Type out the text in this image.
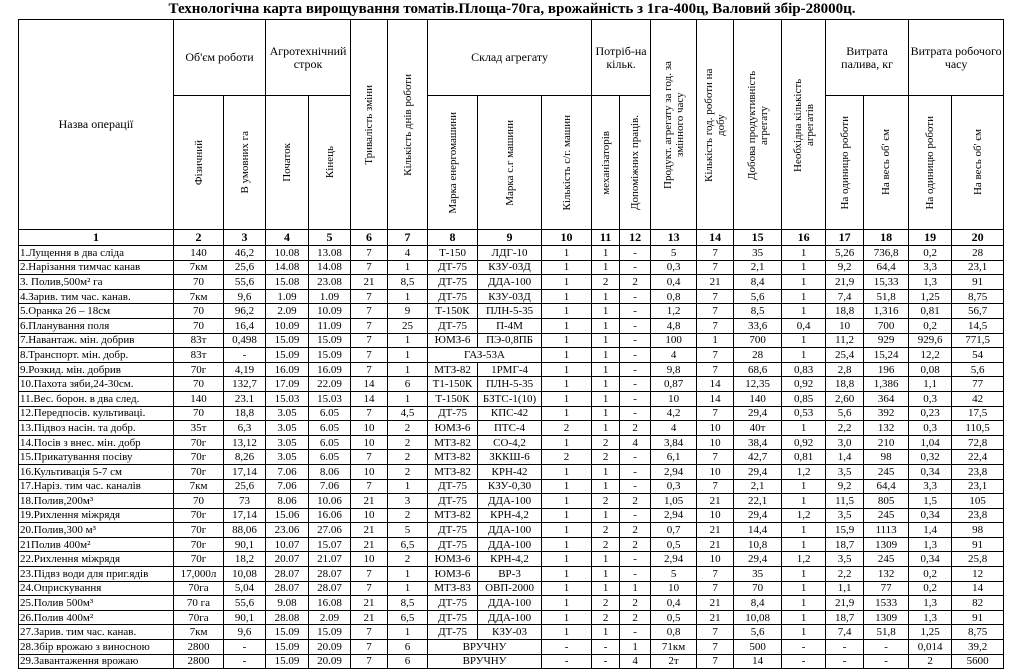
Технологічна карта вирощування томатів.Площа-70га, врожайність з 1га-400ц, Валовий збір-28000ц.
Назва операції	Об'єм роботи		Агротехнічний строк		Тривалість зміни	Кількість днів роботи	Склад агрегату			Потріб-на кільк.		Продукт. агрегату за год. за змінного часу	Кількість год. роботи на добу	Добова продуктивність агрегату	Необхідна кількість агрегатів	Витрата палива, кг		Витрата робочого часу	

	Фізичний	В умовних га	Початок	Кінець			Марка енергомашини	Марка с.г машини	Кількість с/г. машин	механізаторів	Допоміжних праців.					На одиницю роботи	На весь об' єм	На одиницю роботи	На весь об' єм

1	2	3	4	5	6	7	8	9	10	11	12	13	14	15	16	17	18	19	20
1.Лущення в два сліда	140	46,2	10.08	13.08	7	4	Т-150	ЛДГ-10	1	1	-	5	7	35	1	5,26	736,8	0,2	28
2.Нарізання тимчас канав	7км	25,6	14.08	14.08	7	1	ДТ-75	КЗУ-03Д	1	1	-	0,3	7	2,1	1	9,2	64,4	3,3	23,1
3. Полив,500м² га	70	55,6	15.08	23.08	21	8,5	ДТ-75	ДДА-100	1	2	2	0,4	21	8,4	1	21,9	15,33	1,3	91
4.Зарив. тим час. канав.	7км	9,6	1.09	1.09	7	1	ДТ-75	КЗУ-03Д	1	1	-	0,8	7	5,6	1	7,4	51,8	1,25	8,75
5.Оранка 26 – 18см	70	96,2	2.09	10.09	7	9	Т-150К	ПЛН-5-35	1	1	-	1,2	7	8,5	1	18,8	1,316	0,81	56,7
6.Планування поля	70	16,4	10.09	11.09	7	25	ДТ-75	П-4М	1	1	-	4,8	7	33,6	0,4	10	700	0,2	14,5
7.Навантаж. мін. добрив	83т	0,498	15.09	15.09	7	1	ЮМЗ-6	ПЭ-0,8ПБ	1	1	-	100	1	700	1	11,2	929	929,6	771,5
8.Транспорт. мін. добр.	83т	-	15.09	15.09	7	1	ГАЗ-53А		1	1	-	4	7	28	1	25,4	15,24	12,2	54
9.Розкид. мін. добрив	70г	4,19	16.09	16.09	7	1	МТЗ-82	1РМГ-4	1	1	-	9,8	7	68,6	0,83	2,8	196	0,08	5,6
10.Пахота зяби,24-30см.	70	132,7	17.09	22.09	14	6	Т1-150К	ПЛН-5-35	1	1	-	0,87	14	12,35	0,92	18,8	1,386	1,1	77
11.Вес. борон. в два след.	140	23.1	15.03	15.03	14	1	Т-150К	БЗТС-1(10)	1	1	-	10	14	140	0,85	2,60	364	0,3	42
12.Передпосів. культиваці.	70	18,8	3.05	6.05	7	4,5	ДТ-75	КПС-42	1	1	-	4,2	7	29,4	0,53	5,6	392	0,23	17,5
13.Підвоз насін. та добр.	35т	6,3	3.05	6.05	10	2	ЮМЗ-6	ПТС-4	2	1	2	4	10	40т	1	2,2	132	0,3	110,5
14.Посів з внес. мін. добр	70г	13,12	3.05	6.05	10	2	МТЗ-82	СО-4,2	1	2	4	3,84	10	38,4	0,92	3,0	210	1,04	72,8
15.Прикатування посіву	70г	8,26	3.05	6.05	7	2	МТЗ-82	ЗККШ-6	2	2	-	6,1	7	42,7	0,81	1,4	98	0,32	22,4
16.Культивація 5-7 см	70г	17,14	7.06	8.06	10	2	МТЗ-82	КРН-42	1	1	-	2,94	10	29,4	1,2	3,5	245	0,34	23,8
17.Наріз. тим час. каналів	7км	25,6	7.06	7.06	7	1	ДТ-75	КЗУ-0,30	1	1	-	0,3	7	2,1	1	9,2	64,4	3,3	23,1
18.Полив,200м³	70	73	8.06	10.06	21	3	ДТ-75	ДДА-100	1	2	2	1,05	21	22,1	1	11,5	805	1,5	105
19.Рихлення міжрядя	70г	17,14	15.06	16.06	10	2	МТЗ-82	КРН-4,2	1	1	-	2,94	10	29,4	1,2	3,5	245	0,34	23,8
20.Полив,300 м³	70г	88,06	23.06	27.06	21	5	ДТ-75	ДДА-100	1	2	2	0,7	21	14,4	1	15,9	1113	1,4	98
21Полив 400м²	70г	90,1	10.07	15.07	21	6,5	ДТ-75	ДДА-100	1	2	2	0,5	21	10,8	1	18,7	1309	1,3	91
22.Рихлення міжрядя	70г	18,2	20.07	21.07	10	2	ЮМЗ-6	КРН-4,2	1	1	-	2,94	10	29,4	1,2	3,5	245	0,34	25,8
23.Підвз води для приг.ядів	17,000л	10,08	28.07	28.07	7	1	ЮМЗ-6	ВР-3	1	1	-	5	7	35	1	2,2	132	0,2	12
24.Оприскування	70га	5,04	28.07	28.07	7	1	МТЗ-83	ОВП-2000	1	1	1	10	7	70	1	1,1	77	0,2	14
25.Полив 500м³	70 га	55,6	9.08	16.08	21	8,5	ДТ-75	ДДА-100	1	2	2	0,4	21	8,4	1	21,9	1533	1,3	82
26.Полив 400м²	70га	90,1	28.08	2.09	21	6,5	ДТ-75	ДДА-100	1	2	2	0,5	21	10,08	1	18,7	1309	1,3	91
27.Зарив. тим час. канав.	7км	9,6	15.09	15.09	7	1	ДТ-75	КЗУ-03	1	1	-	0,8	7	5,6	1	7,4	51,8	1,25	8,75
28.Збір врожаю з виносною	2800	-	15.09	20.09	7	6	ВРУЧНУ		-	-	1	71км	7	500	-	-	-	0,014	39,2
29.Завантаження врожаю	2800	-	15.09	20.09	7	6	ВРУЧНУ		-	-	4	2т	7	14	-	-	-	2	5600
